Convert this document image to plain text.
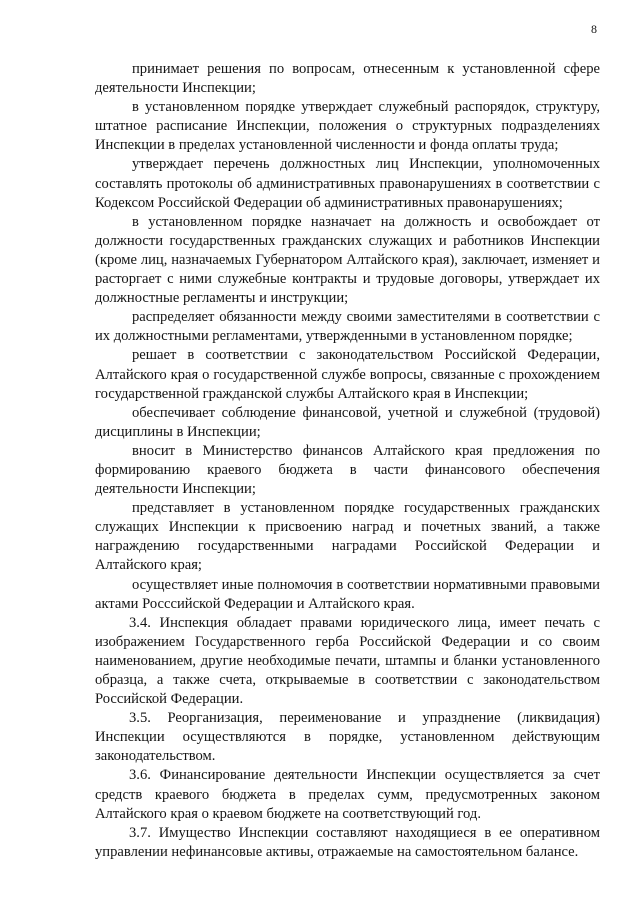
8

принимает решения по вопросам, отнесенным к установленной сфере деятельности Инспекции;

в установленном порядке утверждает служебный распорядок, структуру, штатное расписание Инспекции, положения о структурных подразделениях Инспекции в пределах установленной численности и фонда оплаты труда;

утверждает перечень должностных лиц Инспекции, уполномоченных составлять протоколы об административных правонарушениях в соответствии с Кодексом Российской Федерации об административных правонарушениях;

в установленном порядке назначает на должность и освобождает от должности государственных гражданских служащих и работников Инспекции (кроме лиц, назначаемых Губернатором Алтайского края), заключает, изменяет и расторгает с ними служебные контракты и трудовые договоры, утверждает их должностные регламенты и инструкции;

распределяет обязанности между своими заместителями в соответствии с их должностными регламентами, утвержденными в установленном порядке;

решает в соответствии с законодательством Российской Федерации, Алтайского края о государственной службе вопросы, связанные с прохождением государственной гражданской службы Алтайского края в Инспекции;

обеспечивает соблюдение финансовой, учетной и служебной (трудовой) дисциплины в Инспекции;

вносит в Министерство финансов Алтайского края предложения по формированию краевого бюджета в части финансового обеспечения деятельности Инспекции;

представляет в установленном порядке государственных гражданских служащих Инспекции к присвоению наград и почетных званий, а также награждению государственными наградами Российской Федерации и Алтайского края;

осуществляет иные полномочия в соответствии нормативными правовыми актами Росссийской Федерации и Алтайского края.

3.4. Инспекция обладает правами юридического лица, имеет печать с изображением Государственного герба Российской Федерации и со своим наименованием, другие необходимые печати, штампы и бланки установленного образца, а также счета, открываемые в соответствии с законодательством Российской Федерации.

3.5. Реорганизация, переименование и упразднение (ликвидация) Инспекции осуществляются в порядке, установленном действующим законодательством.

3.6. Финансирование деятельности Инспекции осуществляется за счет средств краевого бюджета в пределах сумм, предусмотренных законом Алтайского края о краевом бюджете на соответствующий год.

3.7. Имущество Инспекции составляют находящиеся в ее оперативном управлении нефинансовые активы, отражаемые на самостоятельном балансе.
